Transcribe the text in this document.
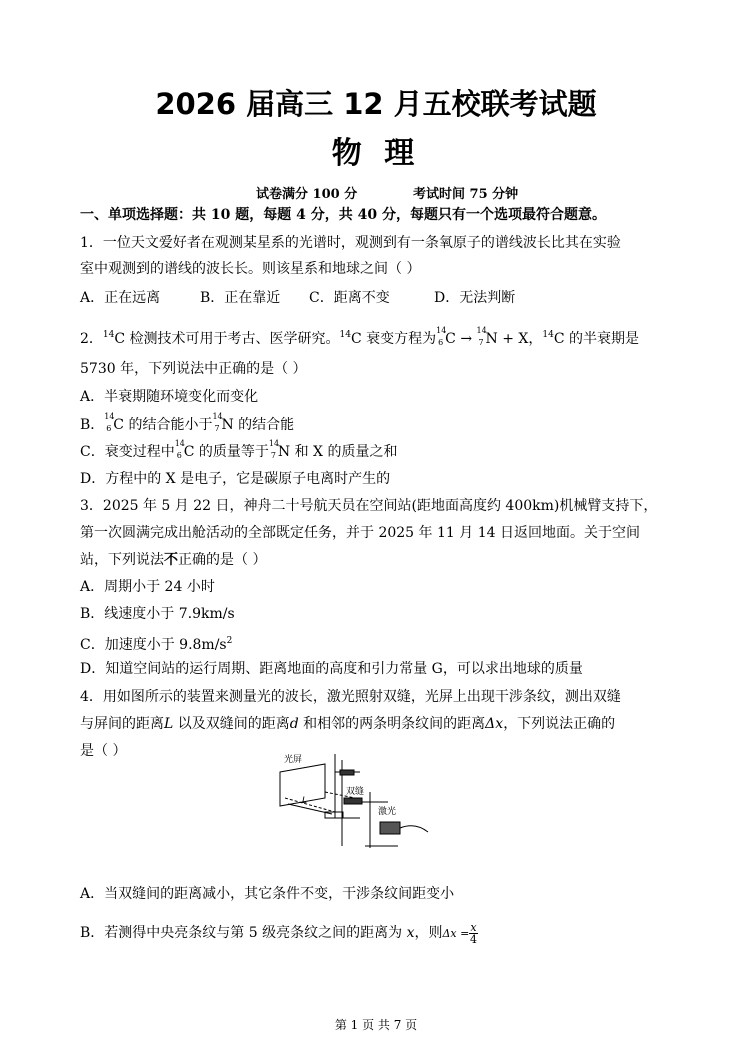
2026 届高三 12 月五校联考试题
物 理
试卷满分 100 分	考试时间 75 分钟
一、单项选择题：共 10 题，每题 4 分，共 40 分，每题只有一个选项最符合题意。
1．一位天文爱好者在观测某星系的光谱时，观测到有一条氧原子的谱线波长比其在实验
室中观测到的谱线的波长长。则该星系和地球之间（ ）
A．正在远离	B．正在靠近 C．距离不变	D．无法判断
2．$^{14}$C 检测技术可用于考古、医学研究。$^{14}$C 衰变方程为
14
6 C →
14
7 N + X，$^{14}$C 的半衰期是
5730 年，下列说法中正确的是（ ）
A．半衰期随环境变化而变化
B．
14
6 C 的结合能小于
14
7 N 的结合能
C．衰变过程中
14
6 C 的质量等于
14
7 N 和 X 的质量之和
D．方程中的 X 是电子，它是碳原子电离时产生的
3．2025 年 5 月 22 日，神舟二十号航天员在空间站(距地面高度约 400km)机械臂支持下，
第一次圆满完成出舱活动的全部既定任务，并于 2025 年 11 月 14 日返回地面。关于空间
站，下列说法不正确的是（ ）
A．周期小于 24 小时
B．线速度小于 7.9km/s
C．加速度小于 $9.8m/s^2$
D．知道空间站的运行周期、距离地面的高度和引力常量 G，可以求出地球的质量
4．用如图所示的装置来测量光的波长，激光照射双缝，光屏上出现干涉条纹，测出双缝
与屏间的距离L 以及双缝间的距离d 和相邻的两条明条纹间的距离Δx，下列说法正确的
是（ ）
光屏
双缝
激光
L
A．当双缝间的距离减小，其它条件不变，干涉条纹间距变小
B．若测得中央亮条纹与第 5 级亮条纹之间的距离为 x，则$\Delta x = \frac{x}{4}$
第 1 页 共 7 页
